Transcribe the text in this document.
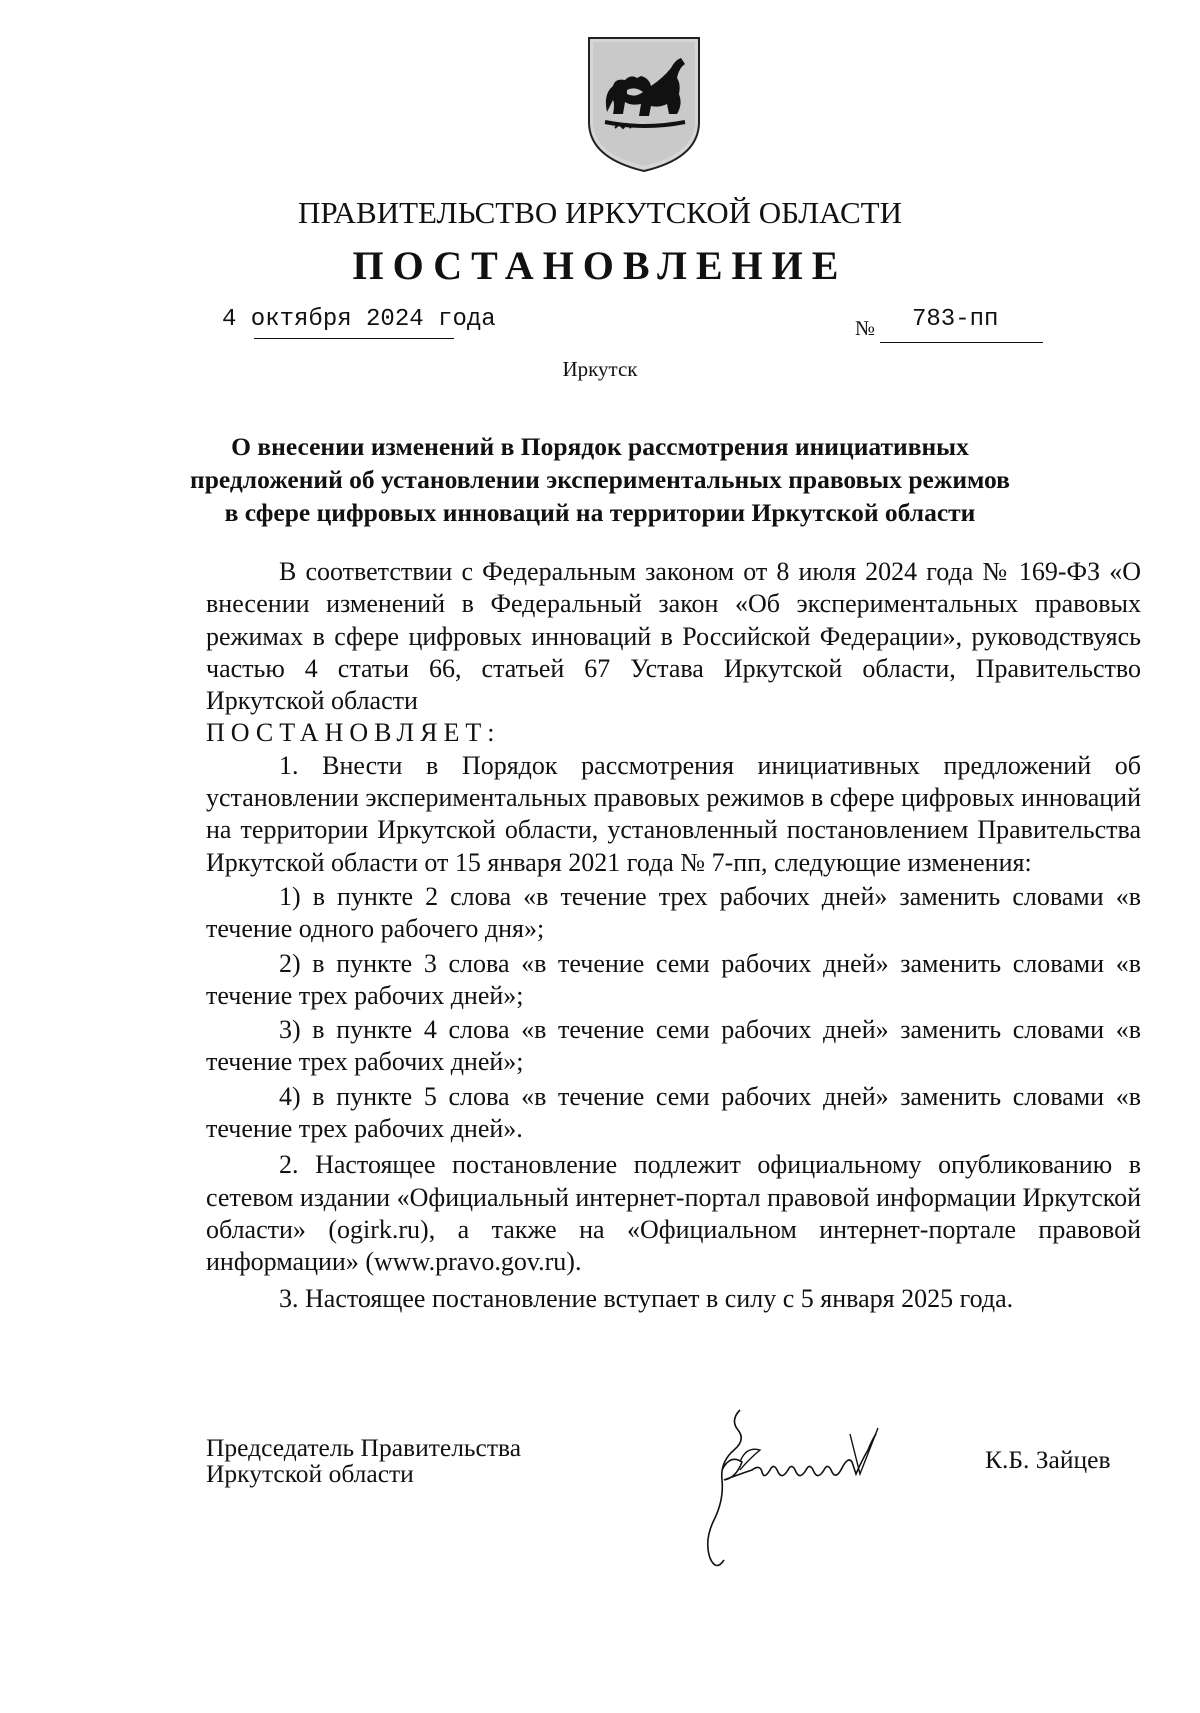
ПРАВИТЕЛЬСТВО ИРКУТСКОЙ ОБЛАСТИ
ПОСТАНОВЛЕНИЕ
4 октября 2024 года	№ 783-пп
Иркутск
О внесении изменений в Порядок рассмотрения инициативных
предложений об установлении экспериментальных правовых режимов
в сфере цифровых инноваций на территории Иркутской области

В соответствии с Федеральным законом от 8 июля 2024 года № 169-ФЗ «О внесении изменений в Федеральный закон «Об экспериментальных правовых режимах в сфере цифровых инноваций в Российской Федерации», руководствуясь частью 4 статьи 66, статьей 67 Устава Иркутской области, Правительство Иркутской области

ПОСТАНОВЛЯЕТ:

1. Внести в Порядок рассмотрения инициативных предложений об установлении экспериментальных правовых режимов в сфере цифровых инноваций на территории Иркутской области, установленный постановлением Правительства Иркутской области от 15 января 2021 года № 7-пп, следующие изменения:

1) в пункте 2 слова «в течение трех рабочих дней» заменить словами «в течение одного рабочего дня»;

2) в пункте 3 слова «в течение семи рабочих дней» заменить словами «в течение трех рабочих дней»;

3) в пункте 4 слова «в течение семи рабочих дней» заменить словами «в течение трех рабочих дней»;

4) в пункте 5 слова «в течение семи рабочих дней» заменить словами «в течение трех рабочих дней».

2. Настоящее постановление подлежит официальному опубликованию в сетевом издании «Официальный интернет-портал правовой информации Иркутской области» (ogirk.ru), а также на «Официальном интернет-портале правовой информации» (www.pravo.gov.ru).

3. Настоящее постановление вступает в силу с 5 января 2025 года.

Председатель Правительства
Иркутской области	К.Б. Зайцев
